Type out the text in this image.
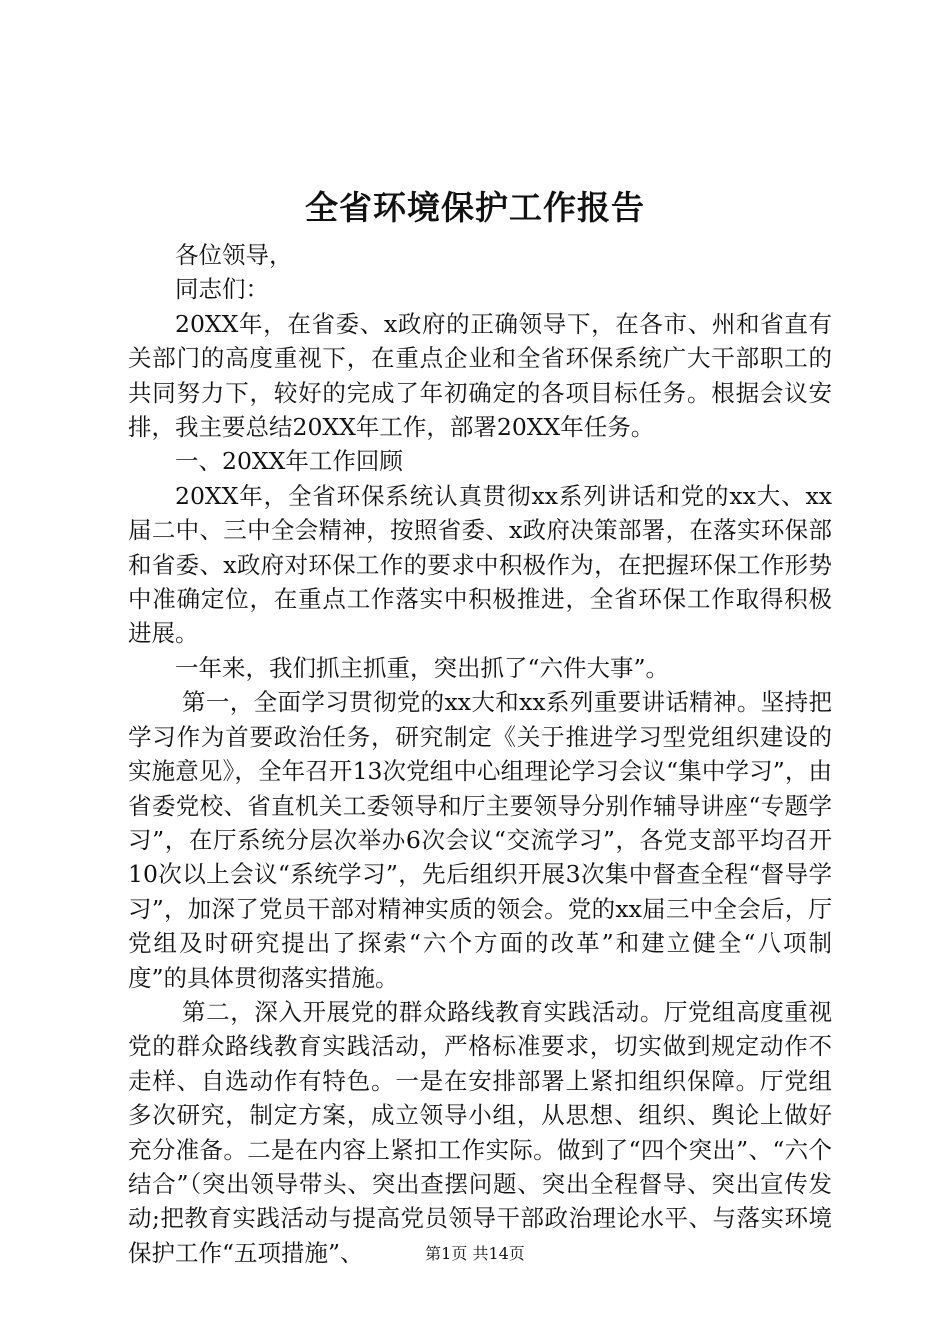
全省环境保护工作报告

各位领导，

同志们：

20XX年，在省委、x政府的正确领导下，在各市、州和省直有关部门的高度重视下，在重点企业和全省环保系统广大干部职工的共同努力下，较好的完成了年初确定的各项目标任务。根据会议安排，我主要总结20XX年工作，部署20XX年任务。

一、20XX年工作回顾

20XX年，全省环保系统认真贯彻xx系列讲话和党的xx大、xx届二中、三中全会精神，按照省委、x政府决策部署，在落实环保部和省委、x政府对环保工作的要求中积极作为，在把握环保工作形势中准确定位，在重点工作落实中积极推进，全省环保工作取得积极进展。

一年来，我们抓主抓重，突出抓了“六件大事”。

第一，全面学习贯彻党的xx大和xx系列重要讲话精神。坚持把学习作为首要政治任务，研究制定《关于推进学习型党组织建设的实施意见》，全年召开13次党组中心组理论学习会议“集中学习”，由省委党校、省直机关工委领导和厅主要领导分别作辅导讲座“专题学习”，在厅系统分层次举办6次会议“交流学习”，各党支部平均召开10次以上会议“系统学习”，先后组织开展3次集中督查全程“督导学习”，加深了党员干部对精神实质的领会。党的xx届三中全会后，厅党组及时研究提出了探索“六个方面的改革”和建立健全“八项制度”的具体贯彻落实措施。

第二，深入开展党的群众路线教育实践活动。厅党组高度重视党的群众路线教育实践活动，严格标准要求，切实做到规定动作不走样、自选动作有特色。一是在安排部署上紧扣组织保障。厅党组多次研究，制定方案，成立领导小组，从思想、组织、舆论上做好充分准备。二是在内容上紧扣工作实际。做到了“四个突出”、“六个结合”（突出领导带头、突出查摆问题、突出全程督导、突出宣传发动;把教育实践活动与提高党员领导干部政治理论水平、与落实环境保护工作“五项措施”、	第1页 共14页
